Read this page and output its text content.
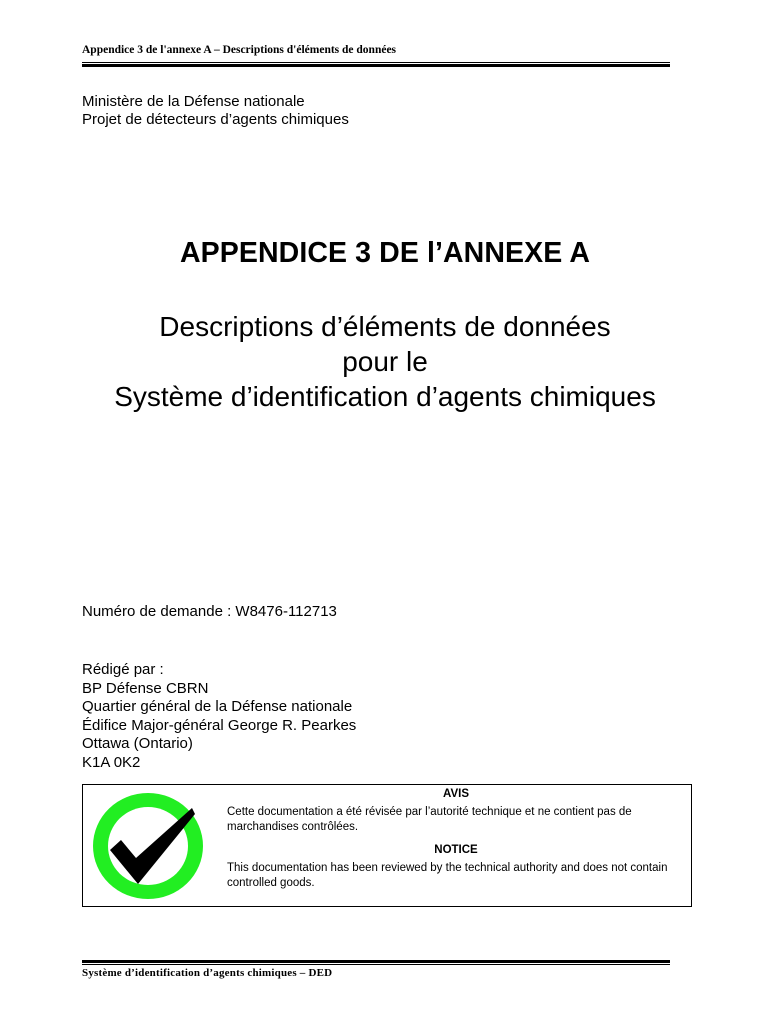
Appendice 3 de l'annexe A – Descriptions d'éléments de données
Ministère de la Défense nationale
Projet de détecteurs d’agents chimiques
APPENDICE 3 DE l’ANNEXE A
Descriptions d’éléments de données
pour le
Système d’identification d’agents chimiques
Numéro de demande : W8476-112713
Rédigé par :
BP Défense CBRN
Quartier général de la Défense nationale
Édifice Major-général George R. Pearkes
Ottawa (Ontario)
K1A 0K2
AVIS
Cette documentation a été révisée par l’autorité technique et ne contient pas de marchandises contrôlées.
NOTICE
This documentation has been reviewed by the technical authority and does not contain controlled goods.
Système d’identification d’agents chimiques – DED
